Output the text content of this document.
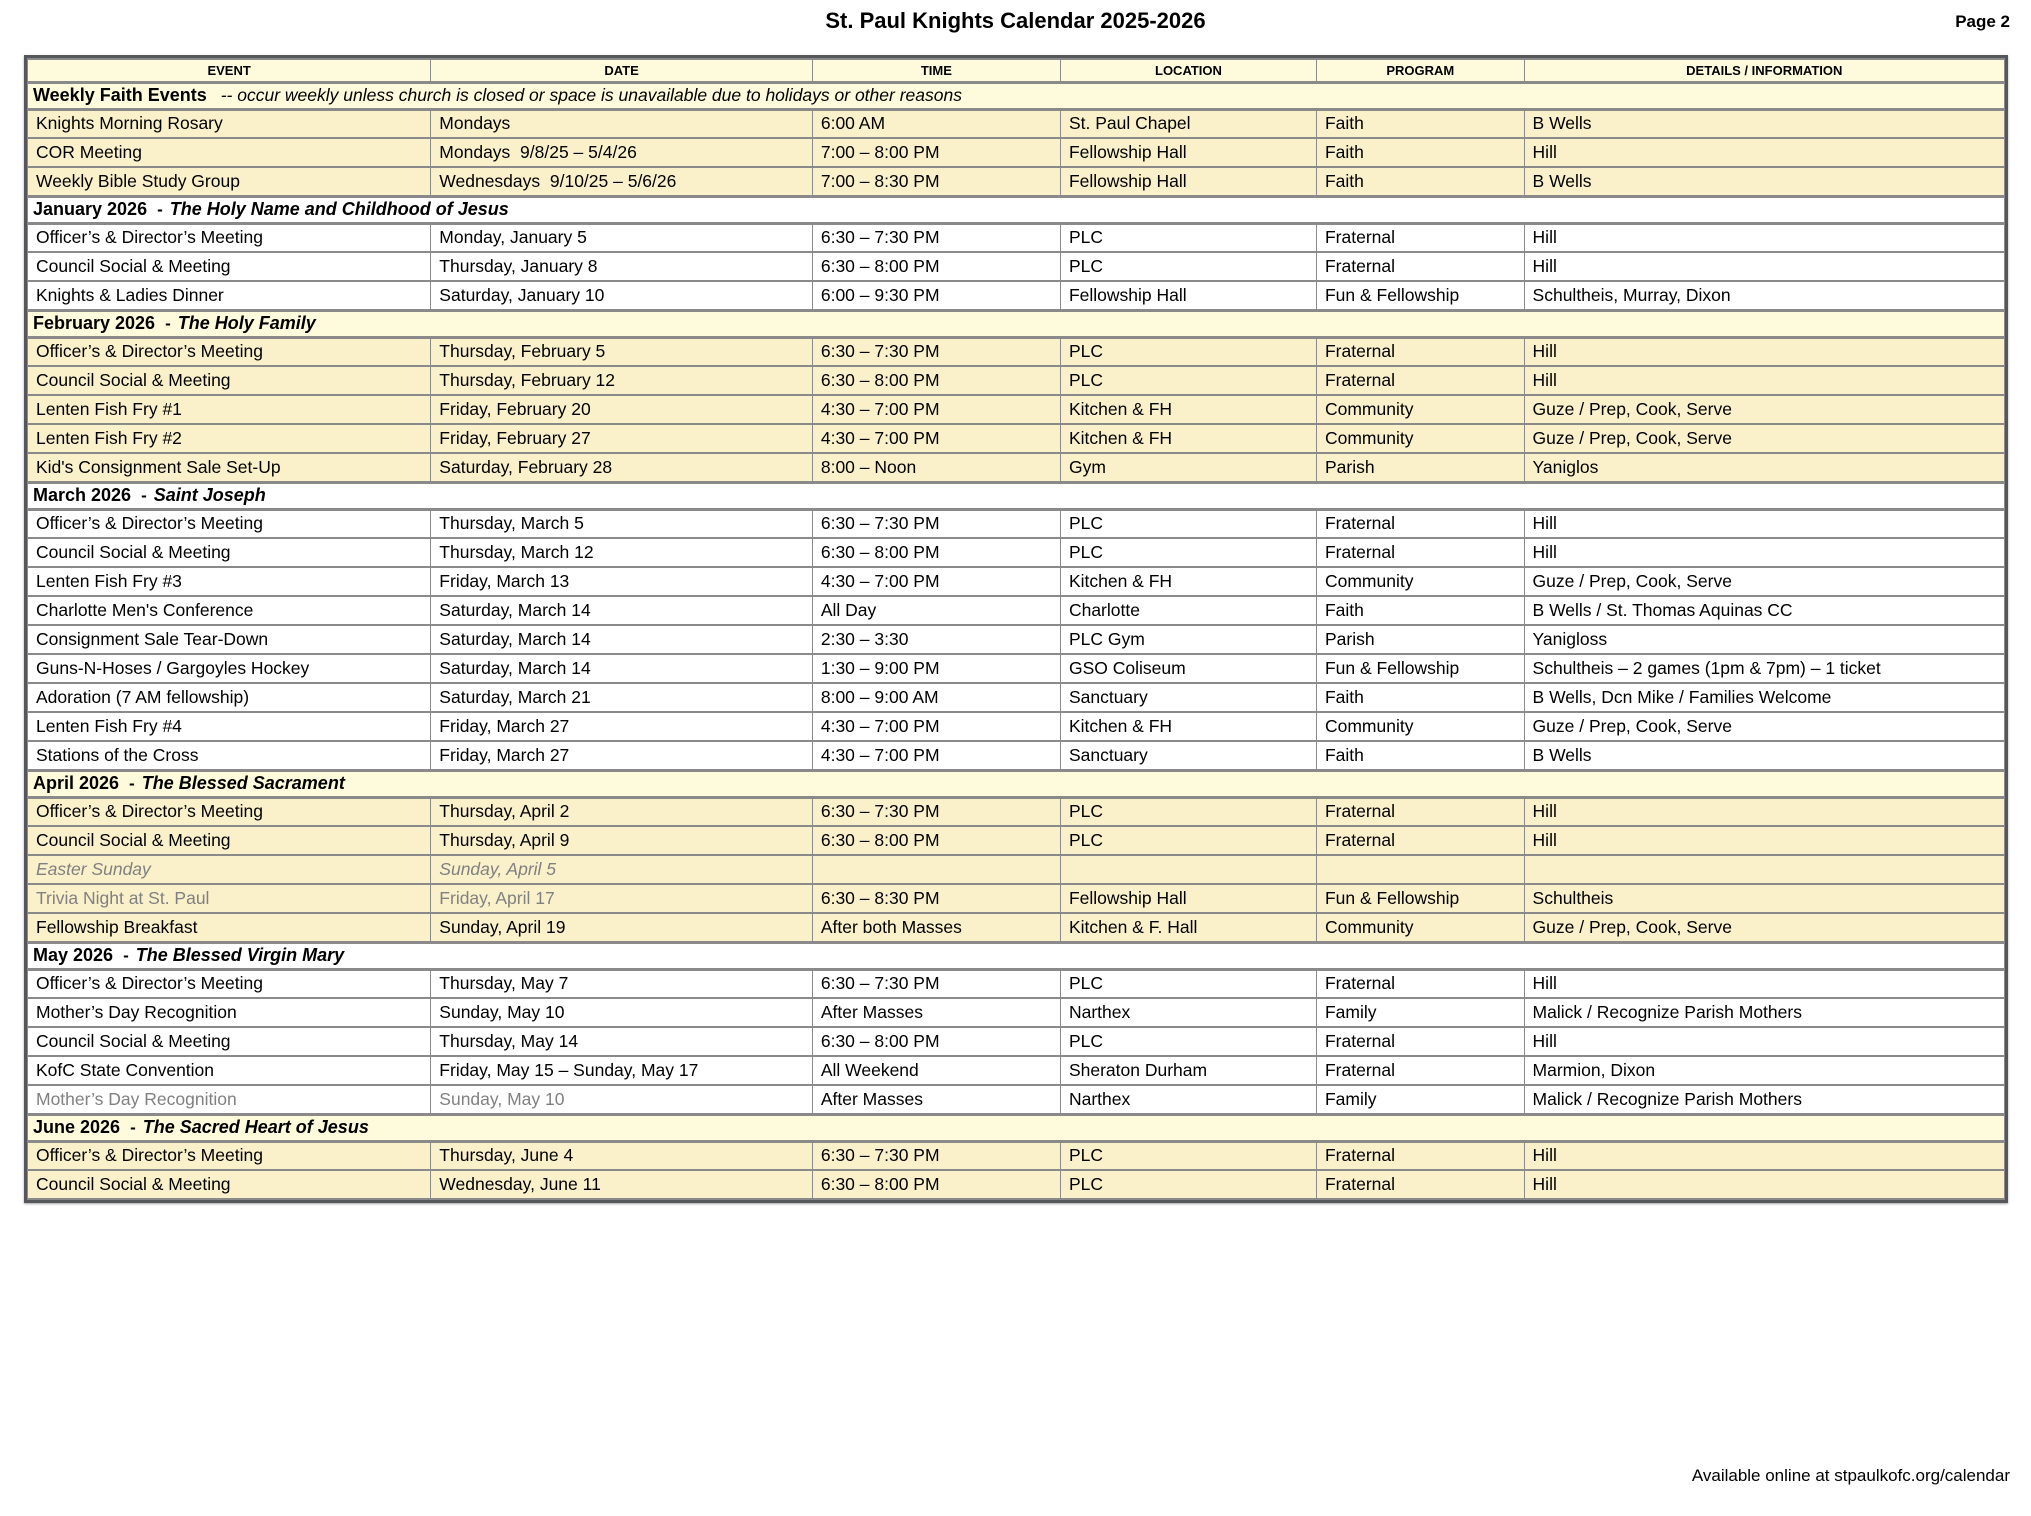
St. Paul Knights Calendar 2025-2026	Page 2
EVENT	DATE	TIME	LOCATION	PROGRAM	DETAILS / INFORMATION
Weekly Faith Events -- occur weekly unless church is closed or space is unavailable due to holidays or other reasons					
Knights Morning Rosary	Mondays	6:00 AM	St. Paul Chapel	Faith	B Wells
COR Meeting	Mondays  9/8/25 – 5/4/26	7:00 – 8:00 PM	Fellowship Hall	Faith	Hill
Weekly Bible Study Group	Wednesdays  9/10/25 – 5/6/26	7:00 – 8:30 PM	Fellowship Hall	Faith	B Wells
January 2026 - The Holy Name and Childhood of Jesus					
Officer’s & Director’s Meeting	Monday, January 5	6:30 – 7:30 PM	PLC	Fraternal	Hill
Council Social & Meeting	Thursday, January 8	6:30 – 8:00 PM	PLC	Fraternal	Hill
Knights & Ladies Dinner	Saturday, January 10	6:00 – 9:30 PM	Fellowship Hall	Fun & Fellowship	Schultheis, Murray, Dixon
February 2026 - The Holy Family					
Officer’s & Director’s Meeting	Thursday, February 5	6:30 – 7:30 PM	PLC	Fraternal	Hill
Council Social & Meeting	Thursday, February 12	6:30 – 8:00 PM	PLC	Fraternal	Hill
Lenten Fish Fry #1	Friday, February 20	4:30 – 7:00 PM	Kitchen & FH	Community	Guze / Prep, Cook, Serve
Lenten Fish Fry #2	Friday, February 27	4:30 – 7:00 PM	Kitchen & FH	Community	Guze / Prep, Cook, Serve
Kid's Consignment Sale Set-Up	Saturday, February 28	8:00 – Noon	Gym	Parish	Yaniglos
March 2026 - Saint Joseph					
Officer’s & Director’s Meeting	Thursday, March 5	6:30 – 7:30 PM	PLC	Fraternal	Hill
Council Social & Meeting	Thursday, March 12	6:30 – 8:00 PM	PLC	Fraternal	Hill
Lenten Fish Fry #3	Friday, March 13	4:30 – 7:00 PM	Kitchen & FH	Community	Guze / Prep, Cook, Serve
Charlotte Men's Conference	Saturday, March 14	All Day	Charlotte	Faith	B Wells / St. Thomas Aquinas CC
Consignment Sale Tear-Down	Saturday, March 14	2:30 – 3:30	PLC Gym	Parish	Yanigloss
Guns-N-Hoses / Gargoyles Hockey	Saturday, March 14	1:30 – 9:00 PM	GSO Coliseum	Fun & Fellowship	Schultheis – 2 games (1pm & 7pm) – 1 ticket
Adoration (7 AM fellowship)	Saturday, March 21	8:00 – 9:00 AM	Sanctuary	Faith	B Wells, Dcn Mike / Families Welcome
Lenten Fish Fry #4	Friday, March 27	4:30 – 7:00 PM	Kitchen & FH	Community	Guze / Prep, Cook, Serve
Stations of the Cross	Friday, March 27	4:30 – 7:00 PM	Sanctuary	Faith	B Wells
April 2026 - The Blessed Sacrament					
Officer’s & Director’s Meeting	Thursday, April 2	6:30 – 7:30 PM	PLC	Fraternal	Hill
Council Social & Meeting	Thursday, April 9	6:30 – 8:00 PM	PLC	Fraternal	Hill
Easter Sunday	Sunday, April 5				
Trivia Night at St. Paul	Friday, April 17	6:30 – 8:30 PM	Fellowship Hall	Fun & Fellowship	Schultheis
Fellowship Breakfast	Sunday, April 19	After both Masses	Kitchen & F. Hall	Community	Guze / Prep, Cook, Serve
May 2026 - The Blessed Virgin Mary					
Officer’s & Director’s Meeting	Thursday, May 7	6:30 – 7:30 PM	PLC	Fraternal	Hill
Mother’s Day Recognition	Sunday, May 10	After Masses	Narthex	Family	Malick / Recognize Parish Mothers
Council Social & Meeting	Thursday, May 14	6:30 – 8:00 PM	PLC	Fraternal	Hill
KofC State Convention	Friday, May 15 – Sunday, May 17	All Weekend	Sheraton Durham	Fraternal	Marmion, Dixon
Mother’s Day Recognition	Sunday, May 10	After Masses	Narthex	Family	Malick / Recognize Parish Mothers
June 2026 - The Sacred Heart of Jesus					
Officer’s & Director’s Meeting	Thursday, June 4	6:30 – 7:30 PM	PLC	Fraternal	Hill
Council Social & Meeting	Wednesday, June 11	6:30 – 8:00 PM	PLC	Fraternal	Hill
Available online at stpaulkofc.org/calendar
